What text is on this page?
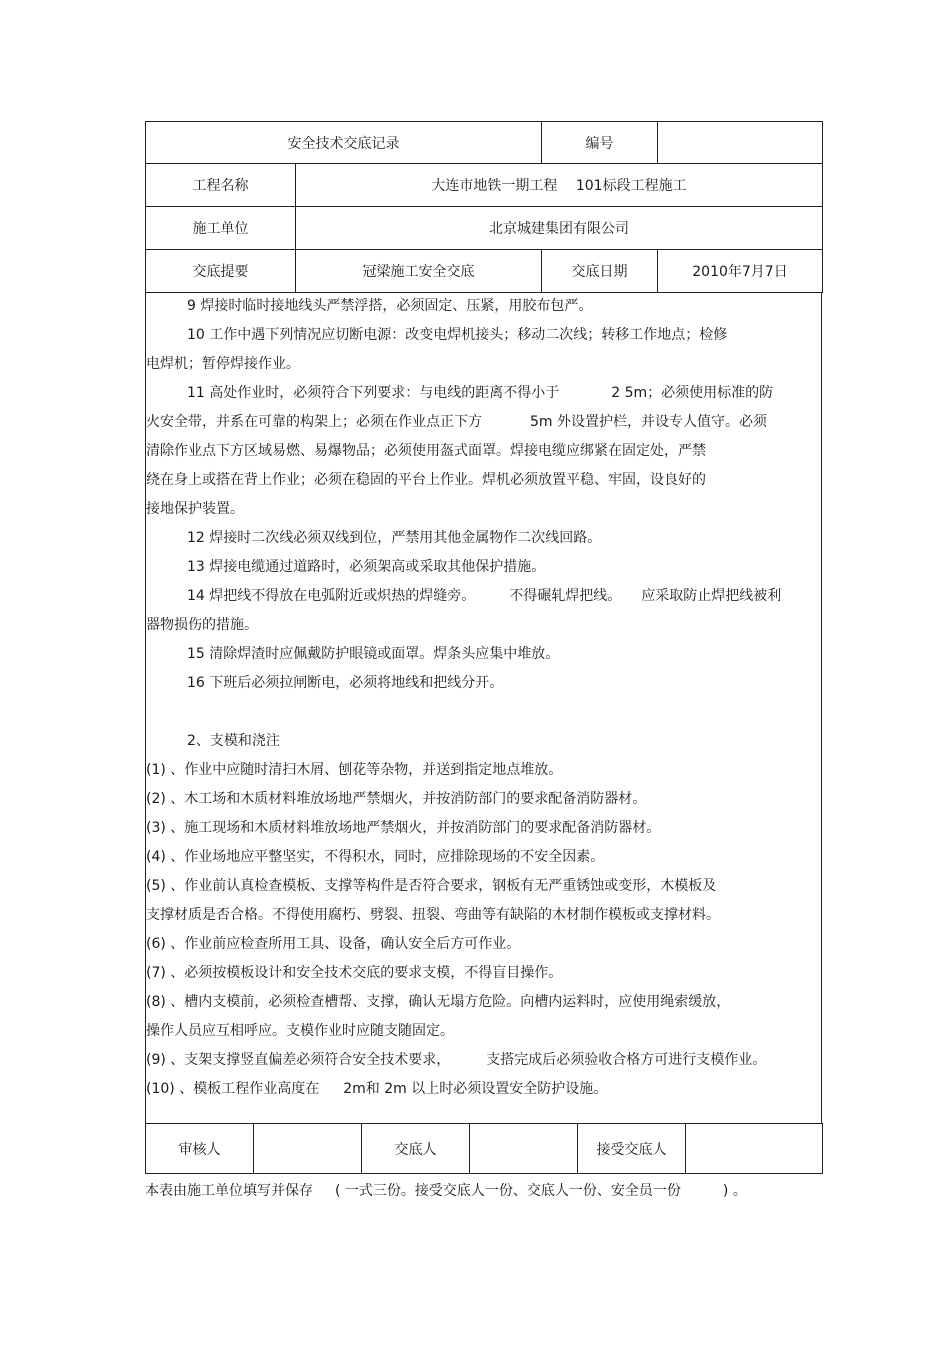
安全技术交底记录		编号	
工程名称	大连市地铁一期工程　 101标段工程施工		
施工单位	北京城建集团有限公司		
交底提要	冠梁施工安全交底	交底日期	2010年7月7日
9 焊接时临时接地线头严禁浮搭，必须固定、压紧，用胶布包严。
10 工作中遇下列情况应切断电源：改变电焊机接头；移动二次线；转移工作地点；检修
电焊机；暂停焊接作业。
11 高处作业时，必须符合下列要求：与电线的距离不得小于	2 5m；必须使用标准的防
火安全带，并系在可靠的构架上；必须在作业点正下方	5m 外设置护栏，并设专人值守。必须
清除作业点下方区域易燃、易爆物品；必须使用盔式面罩。焊接电缆应绑紧在固定处，严禁
绕在身上或搭在背上作业；必须在稳固的平台上作业。焊机必须放置平稳、牢固，设良好的
接地保护装置。
12 焊接时二次线必须双线到位，严禁用其他金属物作二次线回路。
13 焊接电缆通过道路时，必须架高或采取其他保护措施。
14 焊把线不得放在电弧附近或炽热的焊缝旁。 不得碾轧焊把线。 应采取防止焊把线被利
器物损伤的措施。
15 清除焊渣时应佩戴防护眼镜或面罩。焊条头应集中堆放。
16 下班后必须拉闸断电，必须将地线和把线分开。
2、支模和浇注
(1) 、作业中应随时清扫木屑、刨花等杂物，并送到指定地点堆放。
(2) 、木工场和木质材料堆放场地严禁烟火，并按消防部门的要求配备消防器材。
(3) 、施工现场和木质材料堆放场地严禁烟火，并按消防部门的要求配备消防器材。
(4) 、作业场地应平整坚实，不得积水，同时，应排除现场的不安全因素。
(5) 、作业前认真检查模板、支撑等构件是否符合要求，钢板有无严重锈蚀或变形，木模板及
支撑材质是否合格。不得使用腐朽、劈裂、扭裂、弯曲等有缺陷的木材制作模板或支撑材料。
(6) 、作业前应检查所用工具、设备，确认安全后方可作业。
(7) 、必须按模板设计和安全技术交底的要求支模，不得盲目操作。
(8) 、槽内支模前，必须检查槽帮、支撑，确认无塌方危险。向槽内运料时，应使用绳索缓放，
操作人员应互相呼应。支模作业时应随支随固定。
(9) 、支架支撑竖直偏差必须符合安全技术要求，	支搭完成后必须验收合格方可进行支模作业。
(10) 、模板工程作业高度在 2m和 2m 以上时必须设置安全防护设施。
审核人		交底人		接受交底人	
本表由施工单位填写并保存 ( 一式三份。接受交底人一份、交底人一份、安全员一份	) 。
